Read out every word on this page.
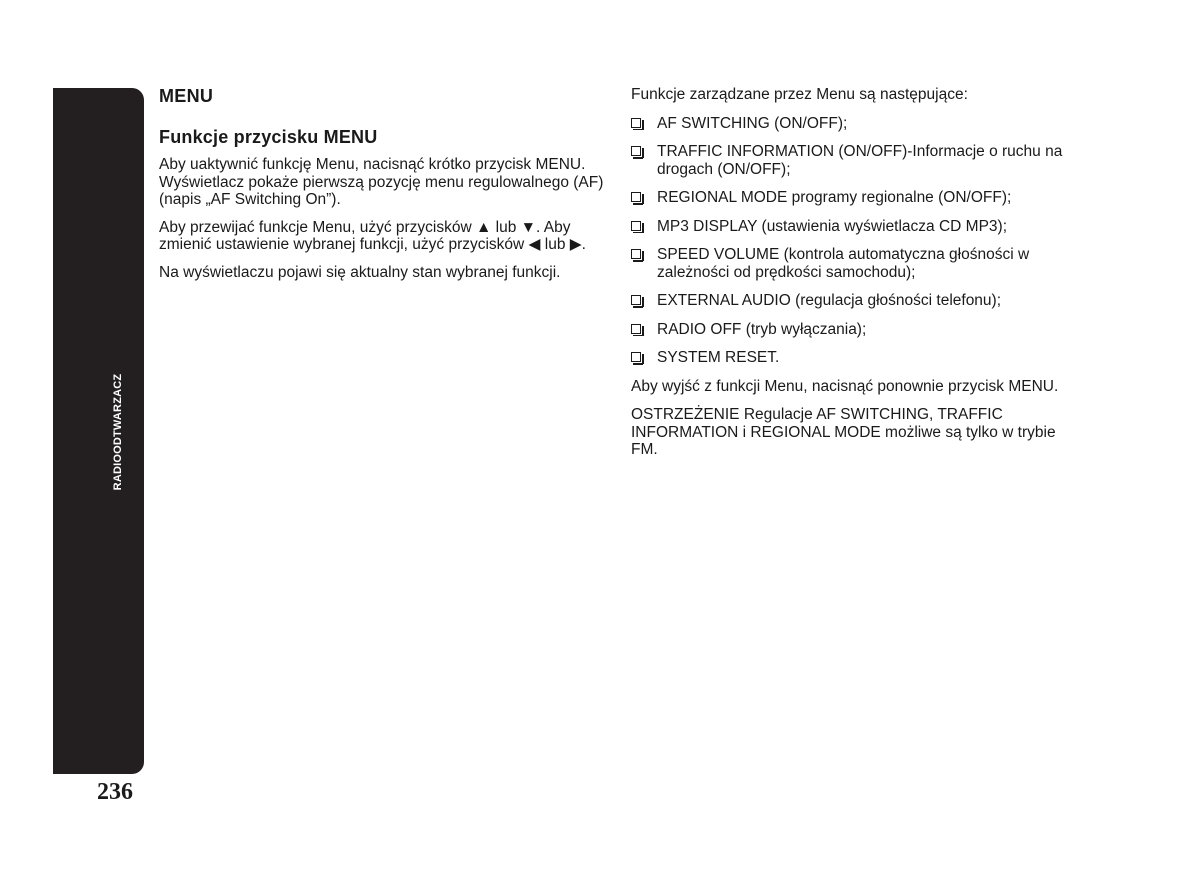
RADIOODTWARZACZ
236
MENU
Funkcje przycisku MENU

Aby uaktywnić funkcję Menu, nacisnąć krótko przycisk MENU. Wyświetlacz pokaże pierwszą pozycję menu regulowalnego (AF) (napis „AF Switching On”).

Aby przewijać funkcje Menu, użyć przycisków ▲ lub ▼. Aby zmienić ustawienie wybranej funkcji, użyć przycisków ◀ lub ▶.

Na wyświetlaczu pojawi się aktualny stan wybranej funkcji.

Funkcje zarządzane przez Menu są następujące:

AF SWITCHING (ON/OFF);
TRAFFIC INFORMATION (ON/OFF)-Informacje o ruchu na drogach (ON/OFF);
REGIONAL MODE programy regionalne (ON/OFF);
MP3 DISPLAY (ustawienia wyświetlacza CD MP3);
SPEED VOLUME (kontrola automatyczna głośności w zależności od prędkości samochodu);
EXTERNAL AUDIO (regulacja głośności telefonu);
RADIO OFF (tryb wyłączania);
SYSTEM RESET.

Aby wyjść z funkcji Menu, nacisnąć ponownie przycisk MENU.

OSTRZEŻENIE Regulacje AF SWITCHING, TRAFFIC INFORMATION i REGIONAL MODE możliwe są tylko w trybie FM.
